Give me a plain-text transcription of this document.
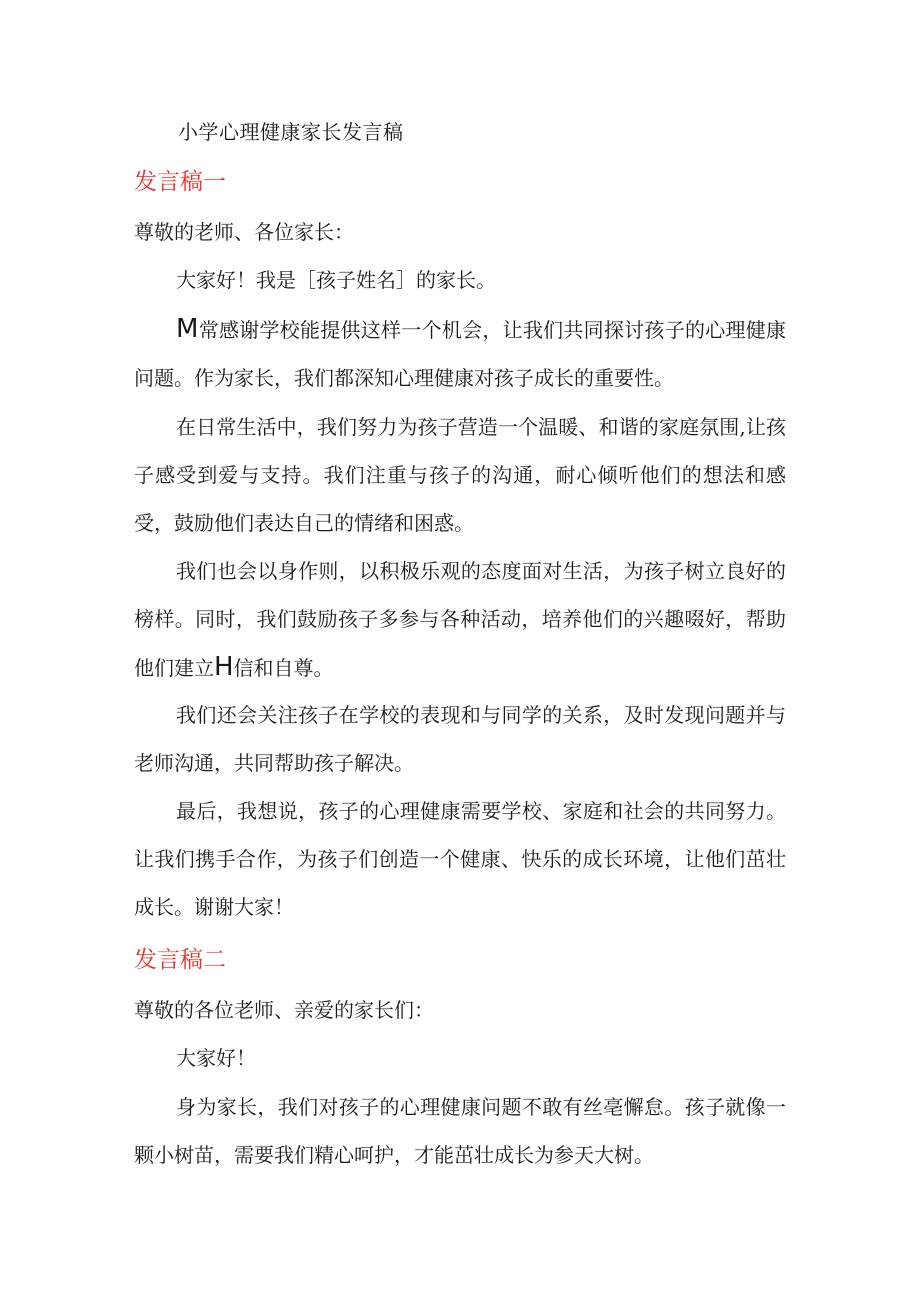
小学心理健康家长发言稿
发言稿一

尊敬的老师、各位家长：

大家好！我是［孩子姓名］的家长。

M常感谢学校能提供这样一个机会，让我们共同探讨孩子的心理健康问题。作为家长，我们都深知心理健康对孩子成长的重要性。

在日常生活中，我们努力为孩子营造一个温暖、和谐的家庭氛围,让孩子感受到爱与支持。我们注重与孩子的沟通，耐心倾听他们的想法和感受，鼓励他们表达自己的情绪和困惑。

我们也会以身作则，以积极乐观的态度面对生活，为孩子树立良好的榜样。同时，我们鼓励孩子多参与各种活动，培养他们的兴趣啜好，帮助他们建立H信和自尊。

我们还会关注孩子在学校的表现和与同学的关系，及时发现问题并与老师沟通，共同帮助孩子解决。

最后，我想说，孩子的心理健康需要学校、家庭和社会的共同努力。让我们携手合作，为孩子们创造一个健康、快乐的成长环境，让他们茁壮成长。谢谢大家！

发言稿二

尊敬的各位老师、亲爱的家长们：

大家好！

身为家长，我们对孩子的心理健康问题不敢有丝亳懈怠。孩子就像一颗小树苗，需要我们精心呵护，才能茁壮成长为参天大树。
